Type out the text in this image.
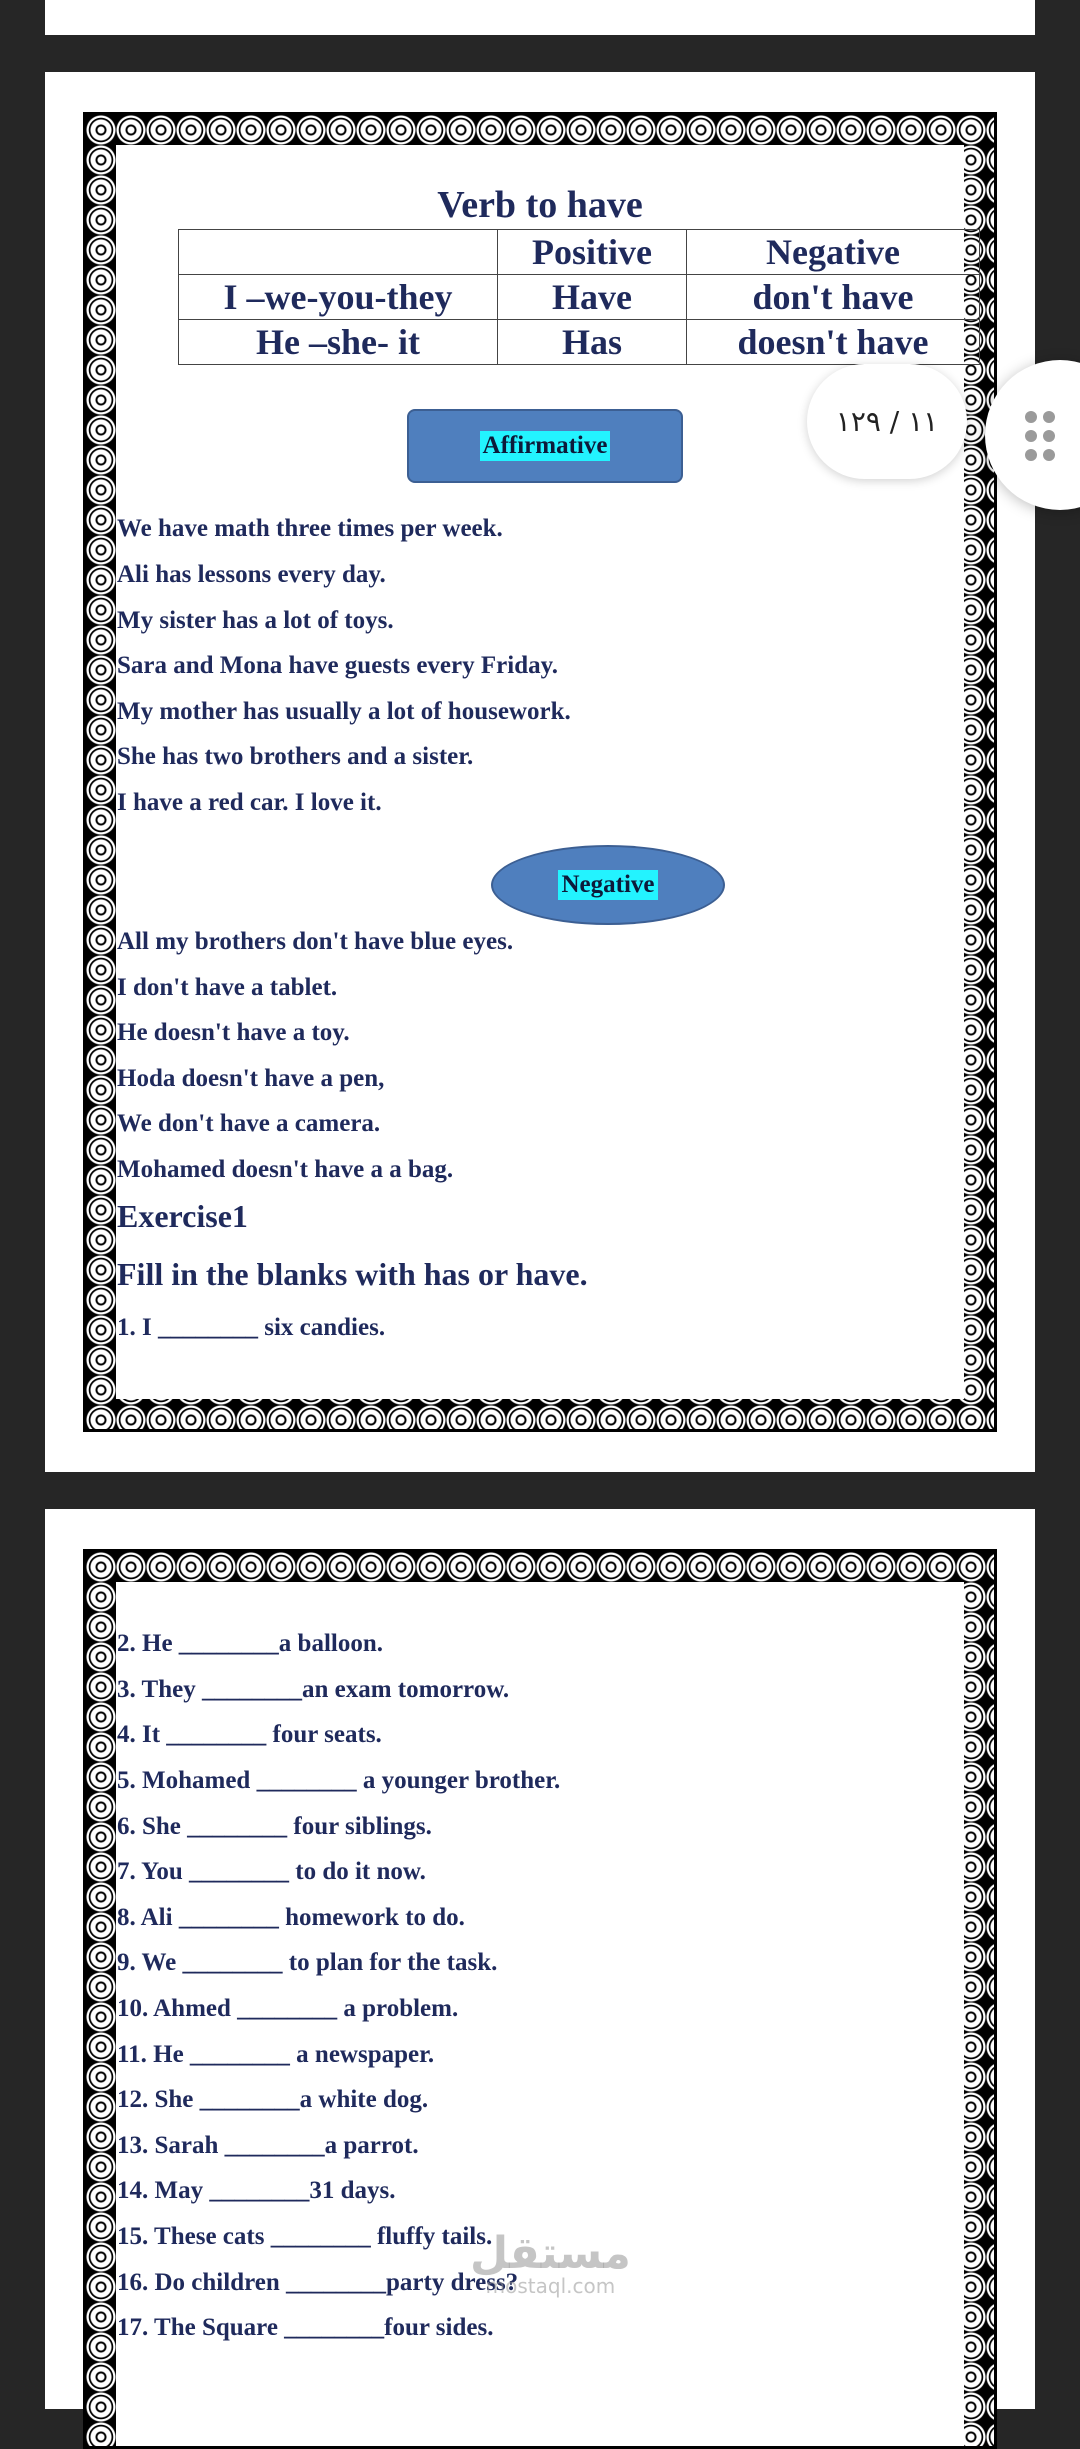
Verb to have
	Positive	Negative
I –we-you-they	Have	don't have
He –she- it	Has	doesn't have
Affirmative
We have math three times per week.
Ali has lessons every day.
My sister has a lot of toys.
Sara and Mona have guests every Friday.
My mother has usually a lot of housework.
She has two brothers and a sister.
I have a red car. I love it.
Negative
All my brothers don't have blue eyes.
I don't have a tablet.
He doesn't have a toy.
Hoda doesn't have a pen,
We don't have a camera.
Mohamed doesn't have a a bag.
Exercise1
Fill in the blanks with has or have.
1. I ________ six candies.
2. He ________a balloon.
3. They ________an exam tomorrow.
4. It ________ four seats.
5. Mohamed ________ a younger brother.
6. She ________ four siblings.
7. You ________ to do it now.
8. Ali ________ homework to do.
9. We ________ to plan for the task.
10. Ahmed ________ a problem.
11. He ________ a newspaper.
12. She ________a white dog.
13. Sarah ________a parrot.
14. May ________31 days.
15. These cats ________ fluffy tails.
16. Do children ________party dress?
17. The Square ________four sides.
١١ / ١٢٩
مستقل
mostaql.com
